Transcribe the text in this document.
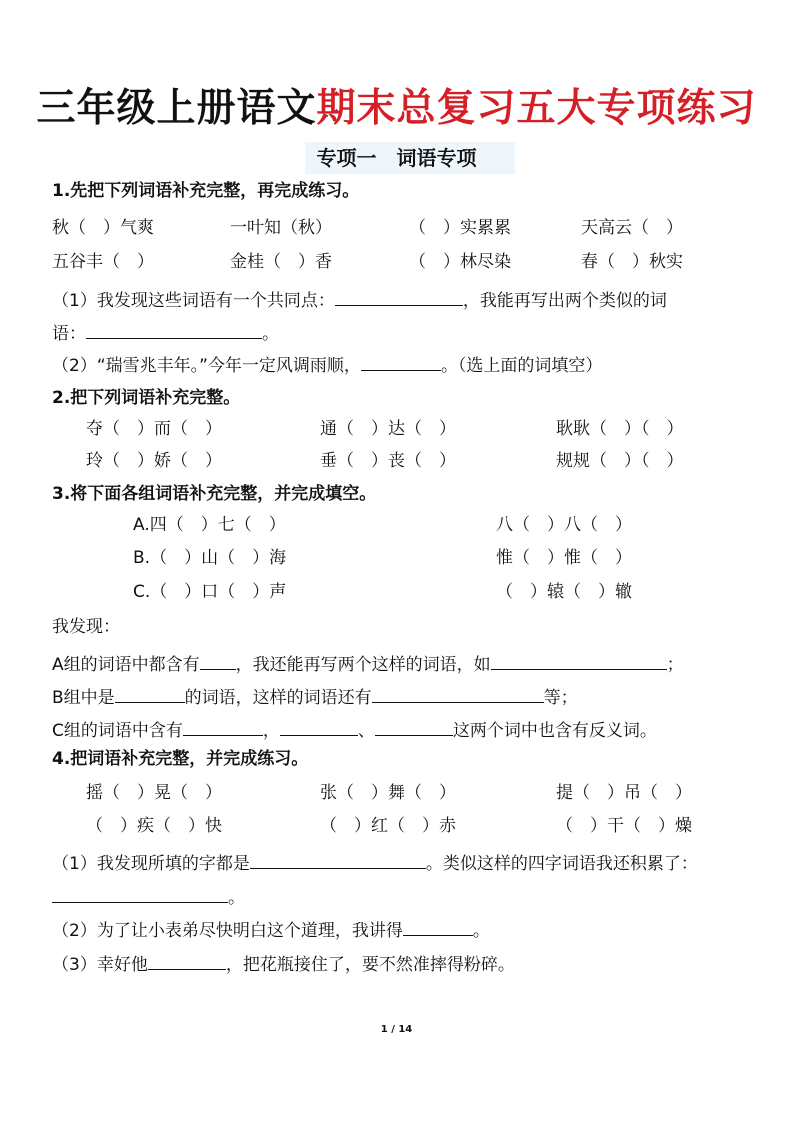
三年级上册语文期末总复习五大专项练习
专项一　词语专项
1.先把下列词语补充完整，再完成练习。
秋（　）气爽	一叶知（秋）	（　）实累累	天高云（　）
五谷丰（　）	金桂（　）香	（　）林尽染	春（　）秋实
（1）我发现这些词语有一个共同点：	，我能再写出两个类似的词
语：	。
（2）“瑞雪兆丰年。”今年一定风调雨顺，	。（选上面的词填空）
2.把下列词语补充完整。
夺（　）而（　）	通（　）达（　）	耿耿（　）（　）
玲（　）娇（　）	垂（　）丧（　）	规规（　）（　）
3.将下面各组词语补充完整，并完成填空。
A.四（　）七（　）	八（　）八（　）
B.（　）山（　）海	惟（　）惟（　）
C.（　）口（　）声	（　）辕（　）辙
我发现：
A组的词语中都含有 ，我还能再写两个这样的词语，如	；
B组中是	的词语，这样的词语还有	等；
C组的词语中含有	，	、	这两个词中也含有反义词。
4.把词语补充完整，并完成练习。
摇（　）晃（　）	张（　）舞（　）	提（　）吊（　）
（　）疾（　）快	（　）红（　）赤	（　）干（　）燥
（1）我发现所填的字都是	。类似这样的四字词语我还积累了：
。
（2）为了让小表弟尽快明白这个道理，我讲得	。
（3）幸好他	，把花瓶接住了，要不然准摔得粉碎。
1 / 14
